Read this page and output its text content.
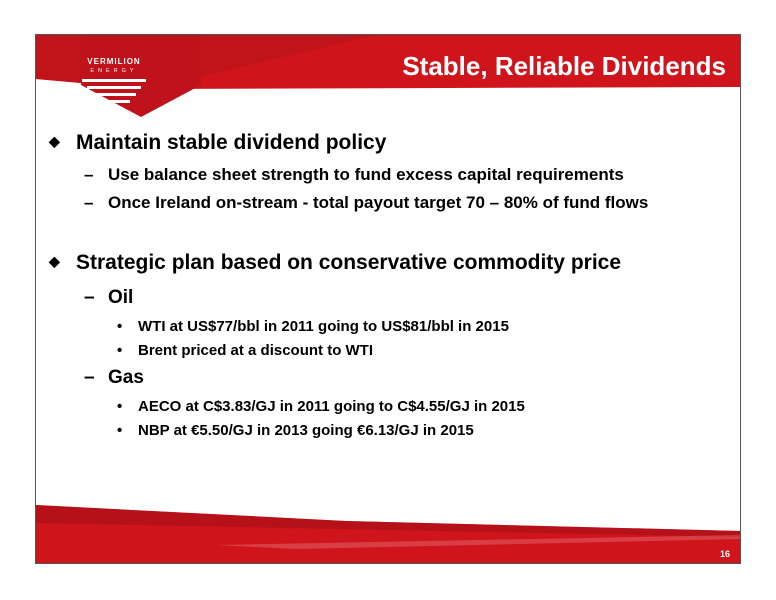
VERMILION
ENERGY	Stable, Reliable Dividends
◆ Maintain stable dividend policy
– Use balance sheet strength to fund excess capital requirements
– Once Ireland on-stream - total payout target 70 – 80% of fund flows
◆ Strategic plan based on conservative commodity price
– Oil
• WTI at US$77/bbl in 2011 going to US$81/bbl in 2015
• Brent priced at a discount to WTI
– Gas
• AECO at C$3.83/GJ in 2011 going to C$4.55/GJ in 2015
• NBP at €5.50/GJ in 2013 going €6.13/GJ in 2015
16
